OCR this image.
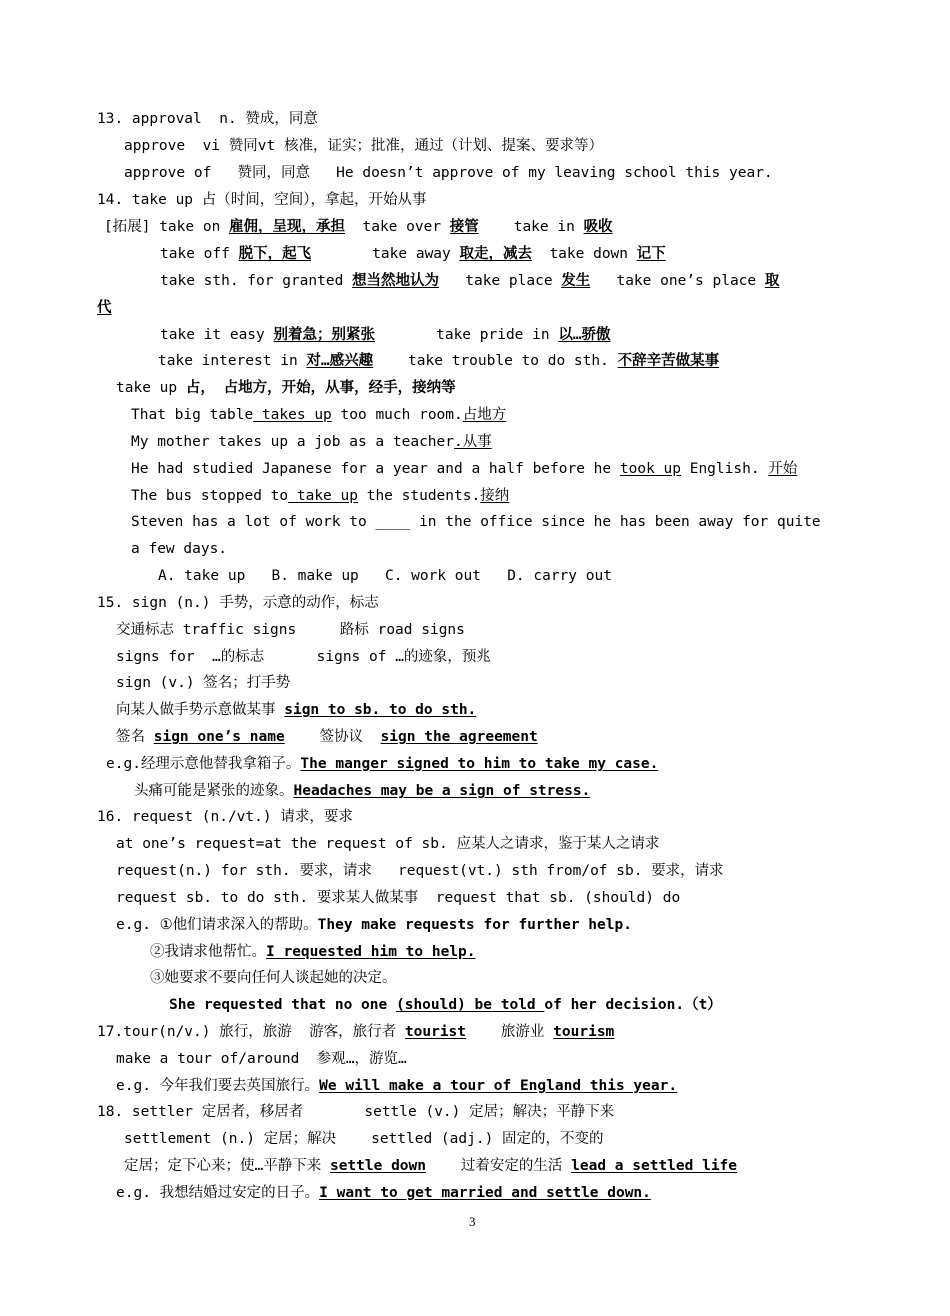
13. approval  n. 赞成，同意
approve  vi 赞同vt 核准，证实；批准，通过（计划、提案、要求等）
approve of   赞同，同意   He doesn’t approve of my leaving school this year.
14. take up 占（时间，空间），拿起，开始从事
[拓展] take on 雇佣，呈现，承担  take over 接管    take in 吸收
take off 脱下，起飞       take away 取走，减去  take down 记下
take sth. for granted 想当然地认为   take place 发生   take one’s place 取
代
take it easy 别着急；别紧张       take pride in 以…骄傲
take interest in 对…感兴趣    take trouble to do sth. 不辞辛苦做某事
take up 占， 占地方，开始，从事，经手，接纳等
That big table takes up too much room.占地方
My mother takes up a job as a teacher.从事
He had studied Japanese for a year and a half before he took up English. 开始
The bus stopped to take up the students.接纳
Steven has a lot of work to ____ in the office since he has been away for quite
a few days.
A. take up   B. make up   C. work out   D. carry out
15. sign (n.) 手势，示意的动作，标志
交通标志 traffic signs     路标 road signs
signs for  …的标志      signs of …的迹象，预兆
sign (v.) 签名；打手势
向某人做手势示意做某事 sign to sb. to do sth.
签名 sign one’s name    签协议  sign the agreement
e.g.经理示意他替我拿箱子。The manger signed to him to take my case.
头痛可能是紧张的迹象。Headaches may be a sign of stress.
16. request (n./vt.) 请求，要求
at one’s request=at the request of sb. 应某人之请求，鉴于某人之请求
request(n.) for sth. 要求，请求   request(vt.) sth from/of sb. 要求，请求
request sb. to do sth. 要求某人做某事  request that sb. (should) do
e.g. ①他们请求深入的帮助。They make requests for further help.
②我请求他帮忙。I requested him to help.
③她要求不要向任何人谈起她的决定。
She requested that no one (should) be told of her decision.（t）
17.tour(n/v.) 旅行，旅游  游客，旅行者 tourist    旅游业 tourism
make a tour of/around  参观…，游览…
e.g. 今年我们要去英国旅行。We will make a tour of England this year.
18. settler 定居者，移居者       settle (v.) 定居；解决；平静下来
settlement (n.) 定居；解决    settled (adj.) 固定的，不变的
定居；定下心来；使…平静下来 settle down    过着安定的生活 lead a settled life
e.g. 我想结婚过安定的日子。I want to get married and settle down.
3
